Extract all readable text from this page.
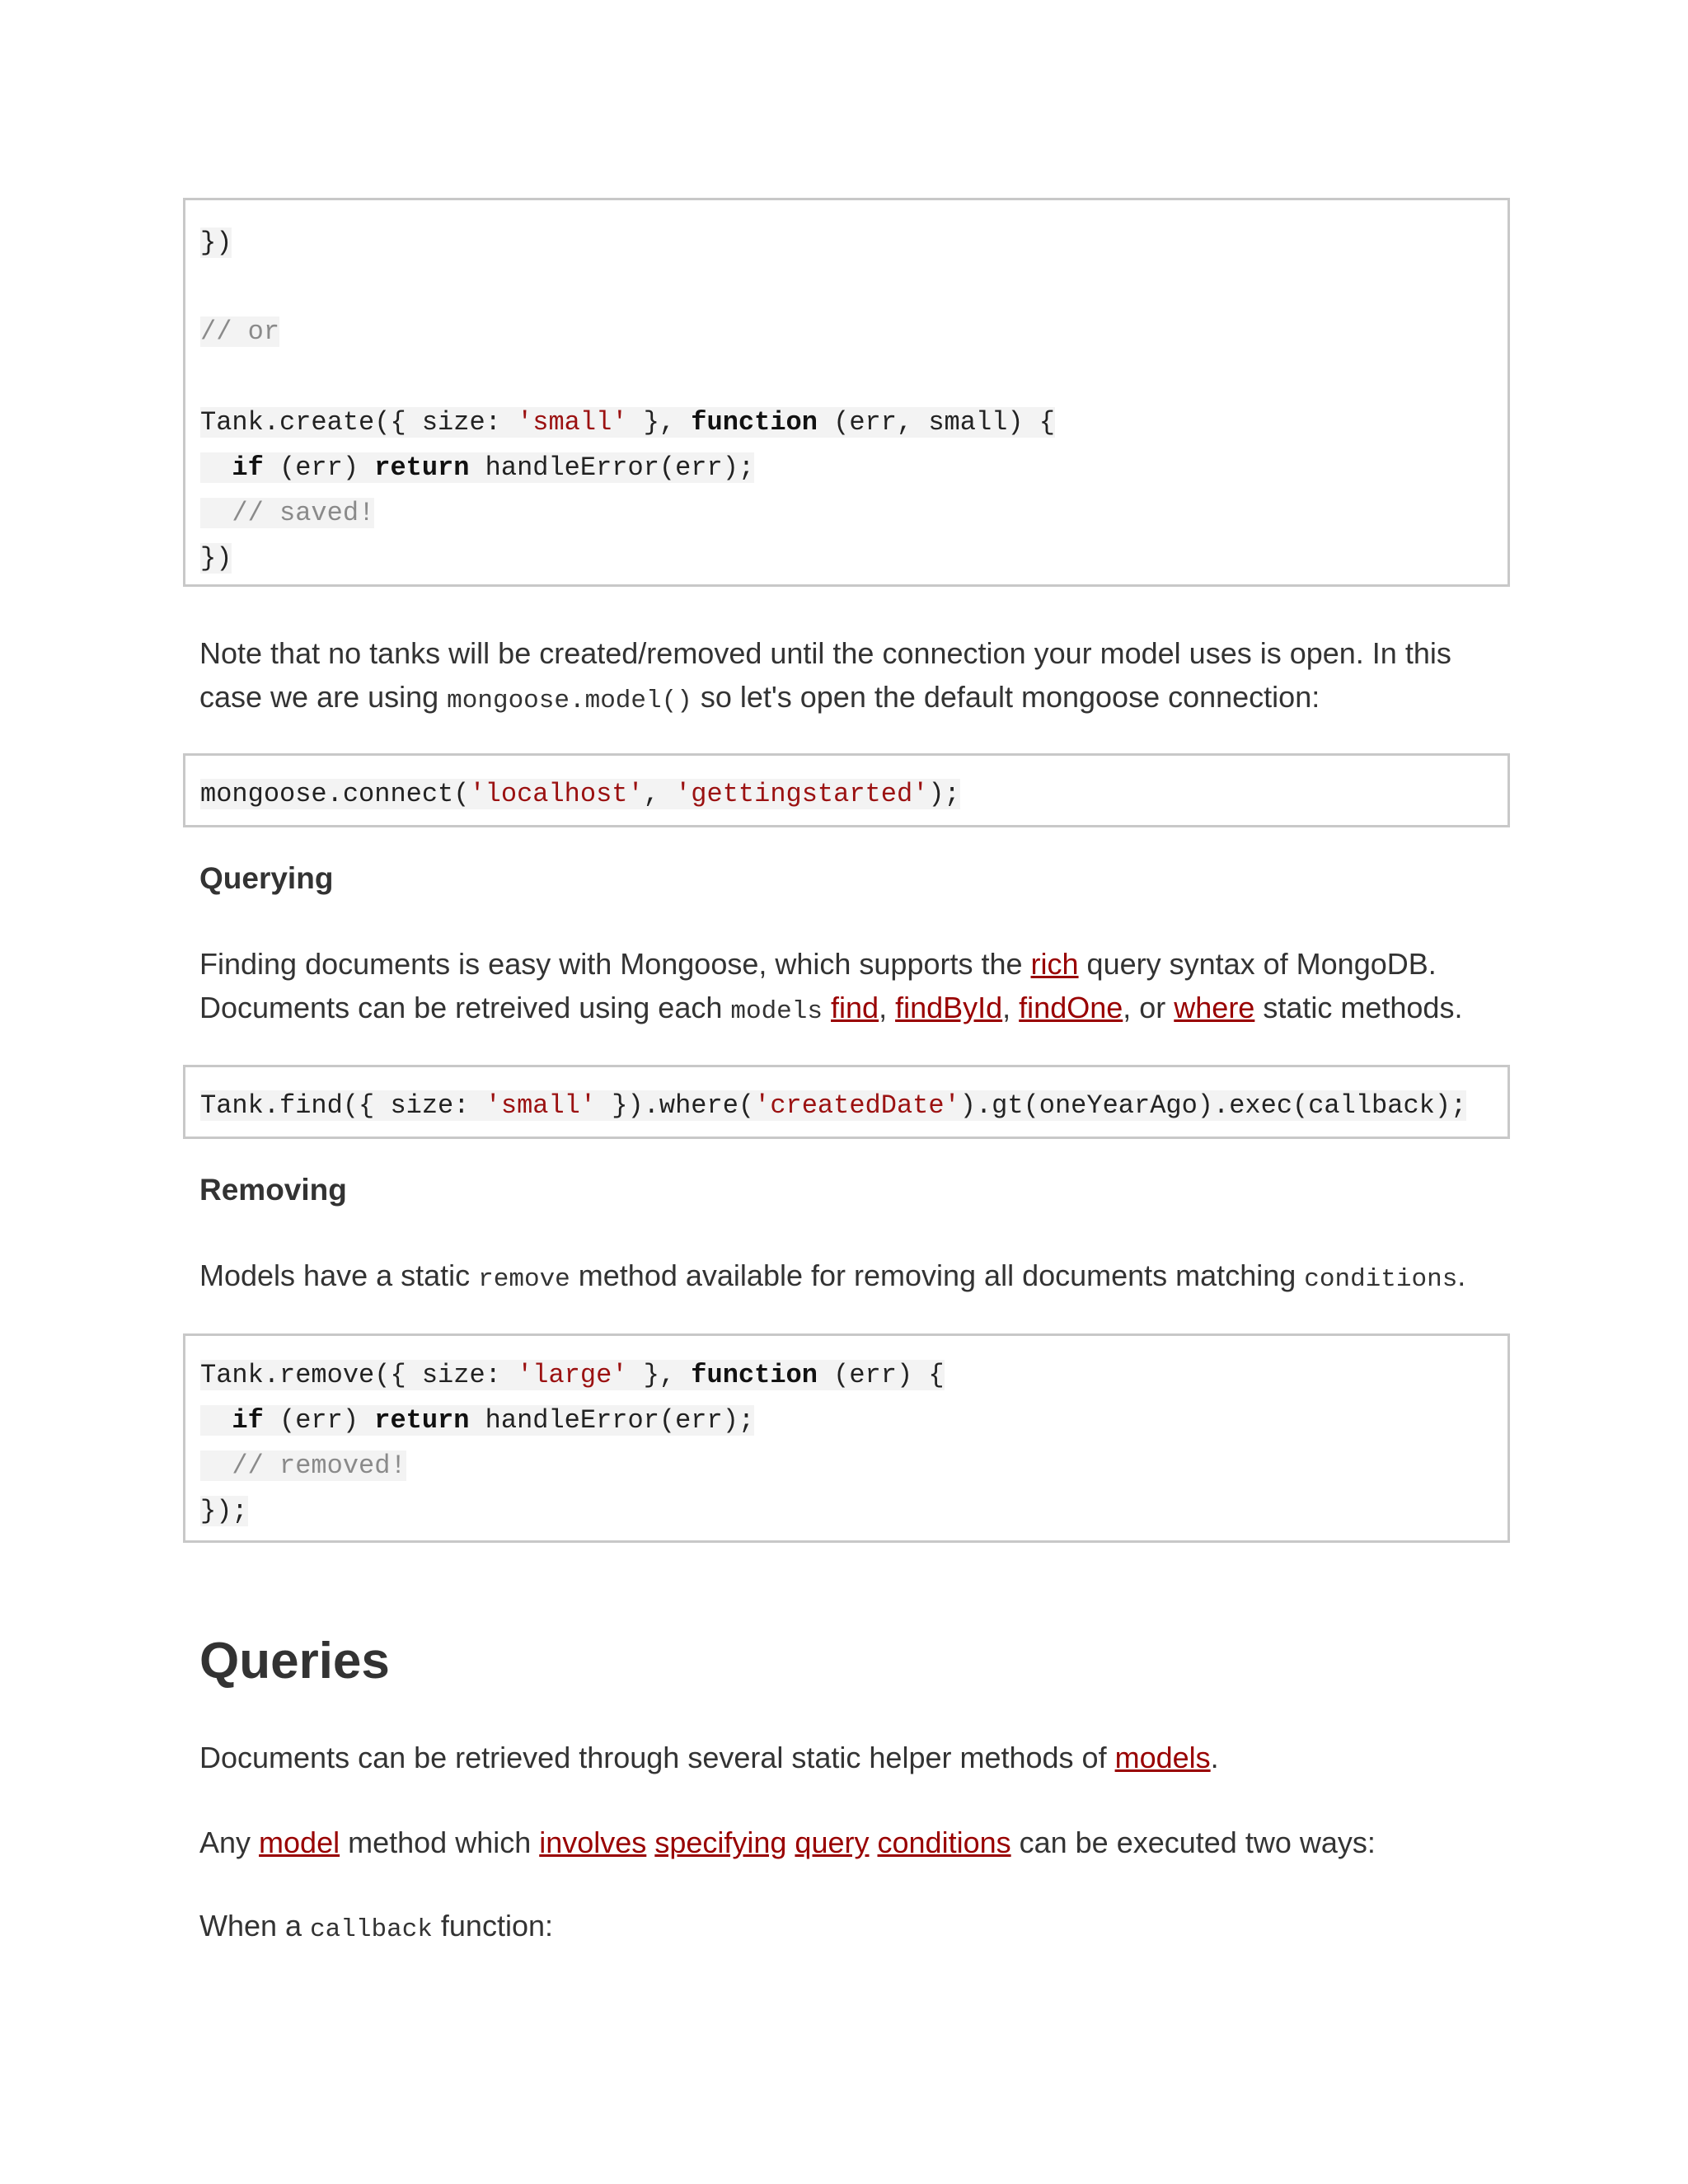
})
// or
Tank.create({ size: 'small' }, function (err, small) {
if (err) return handleError(err);
// saved!
})
Note that no tanks will be created/removed until the connection your model uses is open. In this
case we are using mongoose.model() so let's open the default mongoose connection:
mongoose.connect('localhost', 'gettingstarted');
Querying
Finding documents is easy with Mongoose, which supports the rich query syntax of MongoDB.
Documents can be retreived using each models find, findById, findOne, or where static methods.
Tank.find({ size: 'small' }).where('createdDate').gt(oneYearAgo).exec(callback);
Removing
Models have a static remove method available for removing all documents matching conditions.
Tank.remove({ size: 'large' }, function (err) {
if (err) return handleError(err);
// removed!
});
Queries
Documents can be retrieved through several static helper methods of models.
Any model method which involves specifying query conditions can be executed two ways:
When a callback function:
